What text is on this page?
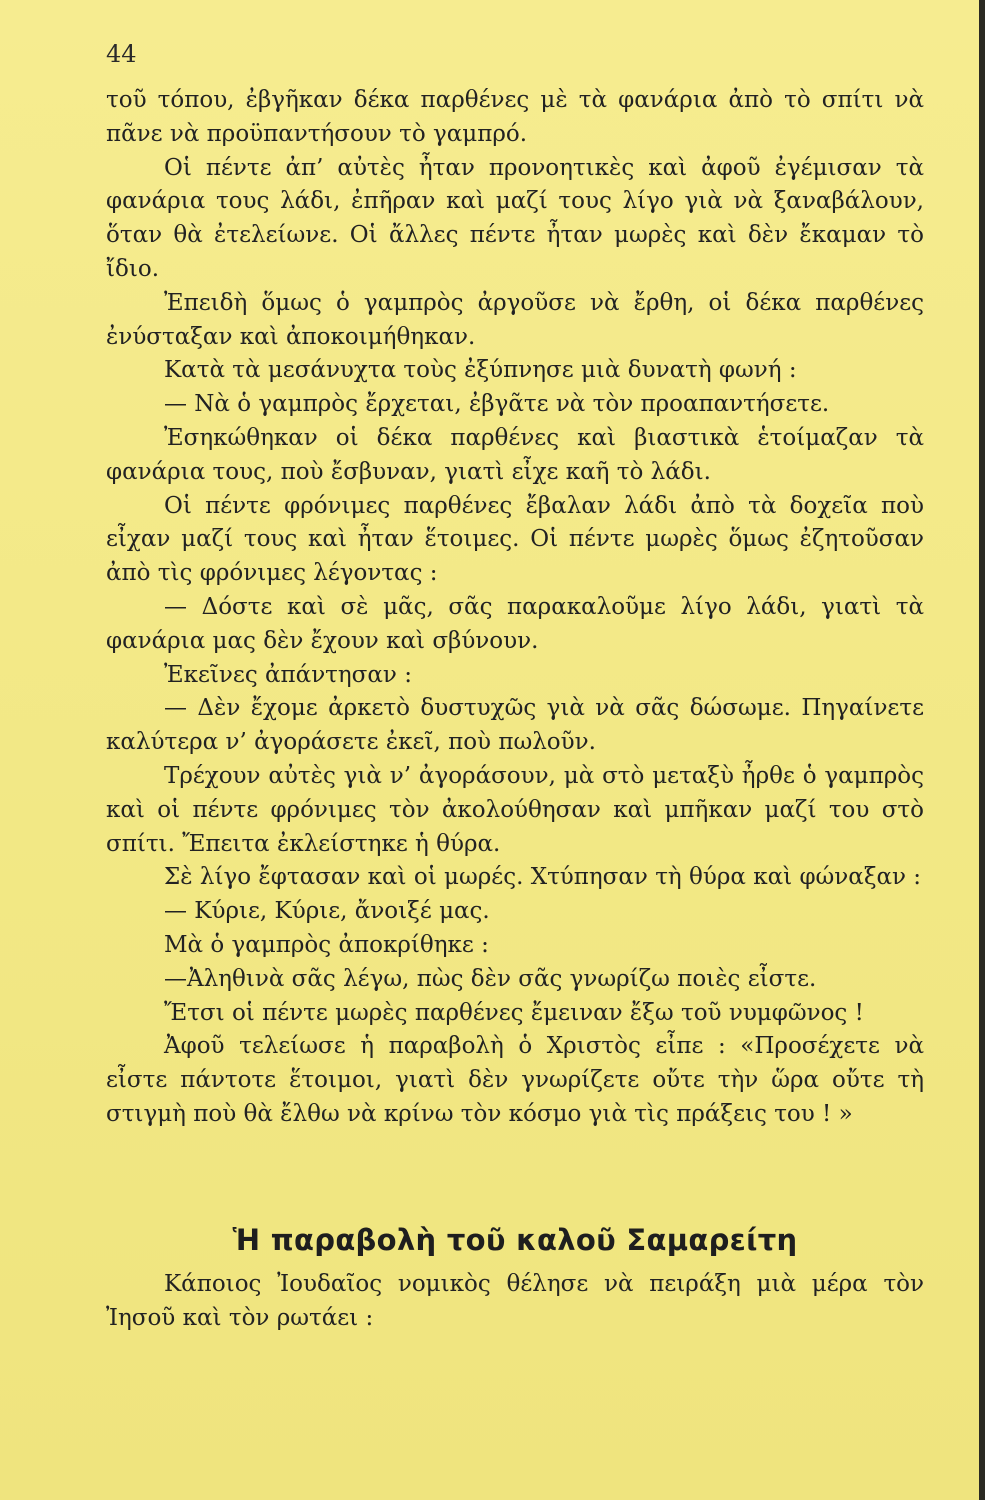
44

τοῦ τόπου, ἐβγῆκαν δέκα παρθένες μὲ τὰ φανάρια ἀπὸ τὸ σπίτι νὰ πᾶνε νὰ προϋπαντήσουν τὸ γαμπρό.

Οἱ πέντε ἀπ’ αὐτὲς ἦταν προνοητικὲς καὶ ἀφοῦ ἐγέμισαν τὰ φανάρια τους λάδι, ἐπῆραν καὶ μαζί τους λίγο γιὰ νὰ ξαναβάλουν, ὅταν θὰ ἐτελείωνε. Οἱ ἄλλες πέντε ἦταν μωρὲς καὶ δὲν ἔκαμαν τὸ ἴδιο.

Ἐπειδὴ ὅμως ὁ γαμπρὸς ἀργοῦσε νὰ ἔρθη, οἱ δέκα παρθένες ἐνύσταξαν καὶ ἀποκοιμήθηκαν.

Κατὰ τὰ μεσάνυχτα τοὺς ἐξύπνησε μιὰ δυνατὴ φωνή :

— Νὰ ὁ γαμπρὸς ἔρχεται, ἐβγᾶτε νὰ τὸν προαπαντήσετε.

Ἐσηκώθηκαν οἱ δέκα παρθένες καὶ βιαστικὰ ἑτοίμαζαν τὰ φανάρια τους, ποὺ ἔσβυναν, γιατὶ εἶχε καῆ τὸ λάδι.

Οἱ πέντε φρόνιμες παρθένες ἔβαλαν λάδι ἀπὸ τὰ δοχεῖα ποὺ εἶχαν μαζί τους καὶ ἦταν ἕτοιμες. Οἱ πέντε μωρὲς ὅμως ἐζητοῦσαν ἀπὸ τὶς φρόνιμες λέγοντας :

— Δόστε καὶ σὲ μᾶς, σᾶς παρακαλοῦμε λίγο λάδι, γιατὶ τὰ φανάρια μας δὲν ἔχουν καὶ σβύνουν.

Ἐκεῖνες ἀπάντησαν :

— Δὲν ἔχομε ἀρκετὸ δυστυχῶς γιὰ νὰ σᾶς δώσωμε. Πηγαίνετε καλύτερα ν’ ἀγοράσετε ἐκεῖ, ποὺ πωλοῦν.

Τρέχουν αὐτὲς γιὰ ν’ ἀγοράσουν, μὰ στὸ μεταξὺ ἦρθε ὁ γαμπρὸς καὶ οἱ πέντε φρόνιμες τὸν ἀκολούθησαν καὶ μπῆκαν μαζί του στὸ σπίτι. Ἔπειτα ἐκλείστηκε ἡ θύρα.

Σὲ λίγο ἔφτασαν καὶ οἱ μωρές. Χτύπησαν τὴ θύρα καὶ φώναξαν :

— Κύριε, Κύριε, ἄνοιξέ μας.

Μὰ ὁ γαμπρὸς ἀποκρίθηκε :

—Ἀληθινὰ σᾶς λέγω, πὼς δὲν σᾶς γνωρίζω ποιὲς εἶστε.

Ἔτσι οἱ πέντε μωρὲς παρθένες ἔμειναν ἔξω τοῦ νυμφῶνος !

Ἀφοῦ τελείωσε ἡ παραβολὴ ὁ Χριστὸς εἶπε : «Προσέχετε νὰ εἶστε πάντοτε ἕτοιμοι, γιατὶ δὲν γνωρίζετε οὔτε τὴν ὥρα οὔτε τὴ στιγμὴ ποὺ θὰ ἔλθω νὰ κρίνω τὸν κόσμο γιὰ τὶς πράξεις του ! »

Ἡ παραβολὴ τοῦ καλοῦ Σαμαρείτη

Κάποιος Ἰουδαῖος νομικὸς θέλησε νὰ πειράξη μιὰ μέρα τὸν Ἰησοῦ καὶ τὸν ρωτάει :
